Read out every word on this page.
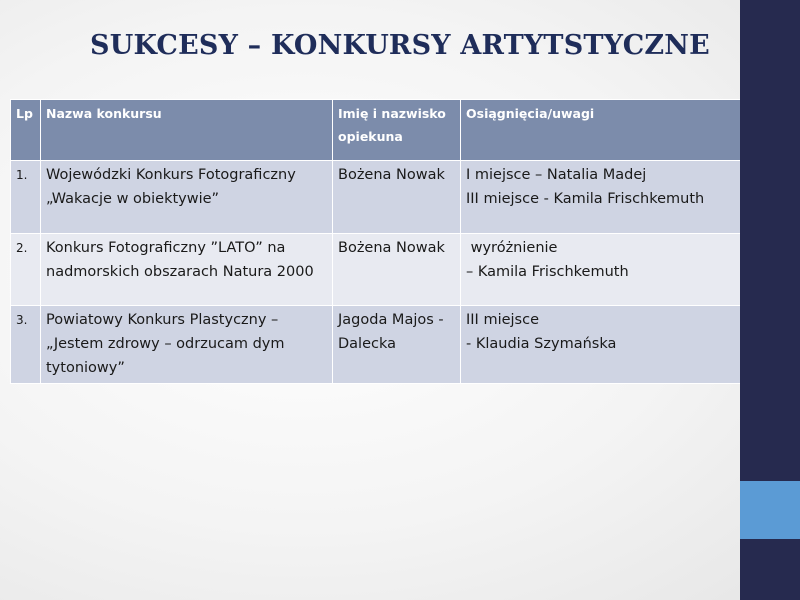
SUKCESY – KONKURSY ARTYTSTYCZNE
Lp	Nazwa konkursu	Imię i nazwisko opiekuna	Osiągnięcia/uwagi
1.	Wojewódzki Konkurs Fotograficzny „Wakacje w obiektywie”	Bożena Nowak	I miejsce – Natalia Madej
III miejsce - Kamila Frischkemuth

2.	Konkurs Fotograficzny ”LATO” na nadmorskich obszarach Natura 2000	Bożena Nowak	wyróżnienie
– Kamila Frischkemuth

3.	Powiatowy Konkurs Plastyczny – „Jestem zdrowy – odrzucam dym tytoniowy”	Jagoda Majos - Dalecka	III miejsce
- Klaudia Szymańska
